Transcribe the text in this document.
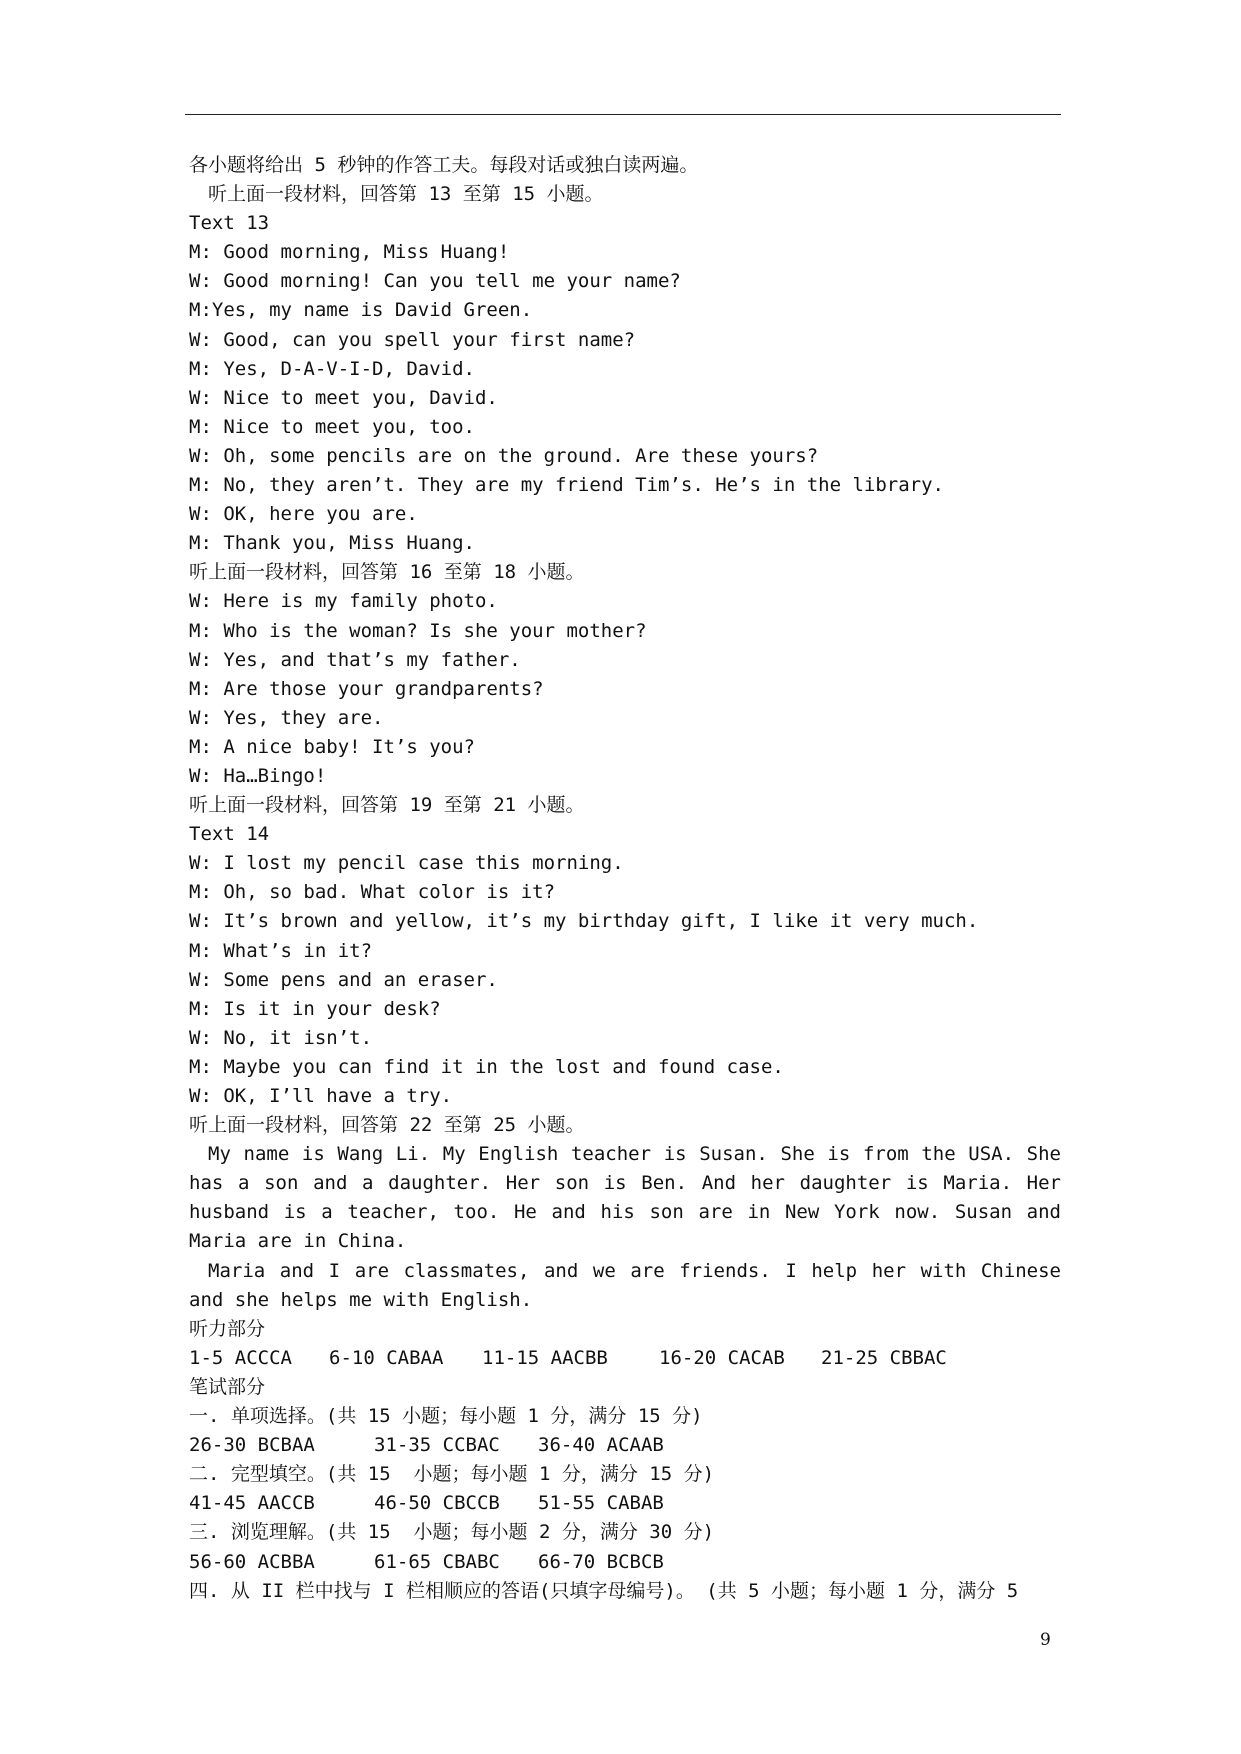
各小题将给出 5 秒钟的作答工夫。每段对话或独白读两遍。
听上面一段材料，回答第 13 至第 15 小题。
Text 13
M: Good morning, Miss Huang!
W: Good morning! Can you tell me your name?
M:Yes, my name is David Green.
W: Good, can you spell your first name?
M: Yes, D-A-V-I-D, David.
W: Nice to meet you, David.
M: Nice to meet you, too.
W: Oh, some pencils are on the ground. Are these yours?
M: No, they aren’t. They are my friend Tim’s. He’s in the library.
W: OK, here you are.
M: Thank you, Miss Huang.
听上面一段材料，回答第 16 至第 18 小题。
W: Here is my family photo.
M: Who is the woman? Is she your mother?
W: Yes, and that’s my father.
M: Are those your grandparents?
W: Yes, they are.
M: A nice baby! It’s you?
W: Ha…Bingo!
听上面一段材料，回答第 19 至第 21 小题。
Text 14
W: I lost my pencil case this morning.
M: Oh, so bad. What color is it?
W: It’s brown and yellow, it’s my birthday gift, I like it very much.
M: What’s in it?
W: Some pens and an eraser.
M: Is it in your desk?
W: No, it isn’t.
M: Maybe you can find it in the lost and found case.
W: OK, I’ll have a try.
听上面一段材料，回答第 22 至第 25 小题。
My name is Wang Li. My English teacher is Susan. She is from the USA. She has a son and a daughter. Her son is Ben. And her daughter is Maria. Her husband is a teacher, too. He and his son are in New York now. Susan and Maria are in China.
Maria and I are classmates, and we are friends. I help her with Chinese and she helps me with English.
听力部分
1-5 ACCCA 6-10 CABAA 11-15 AACBB	16-20 CACAB 21-25 CBBAC
笔试部分
一. 单项选择。(共 15 小题；每小题 1 分，满分 15 分)
26-30 BCBAA	31-35 CCBAC 36-40 ACAAB
二. 完型填空。(共 15  小题；每小题 1 分，满分 15 分)
41-45 AACCB	46-50 CBCCB 51-55 CABAB
三. 浏览理解。(共 15  小题；每小题 2 分，满分 30 分)
56-60 ACBBA	61-65 CBABC 66-70 BCBCB
四. 从 II 栏中找与 I 栏相顺应的答语(只填字母编号)。 (共 5 小题；每小题 1 分，满分 5
9
